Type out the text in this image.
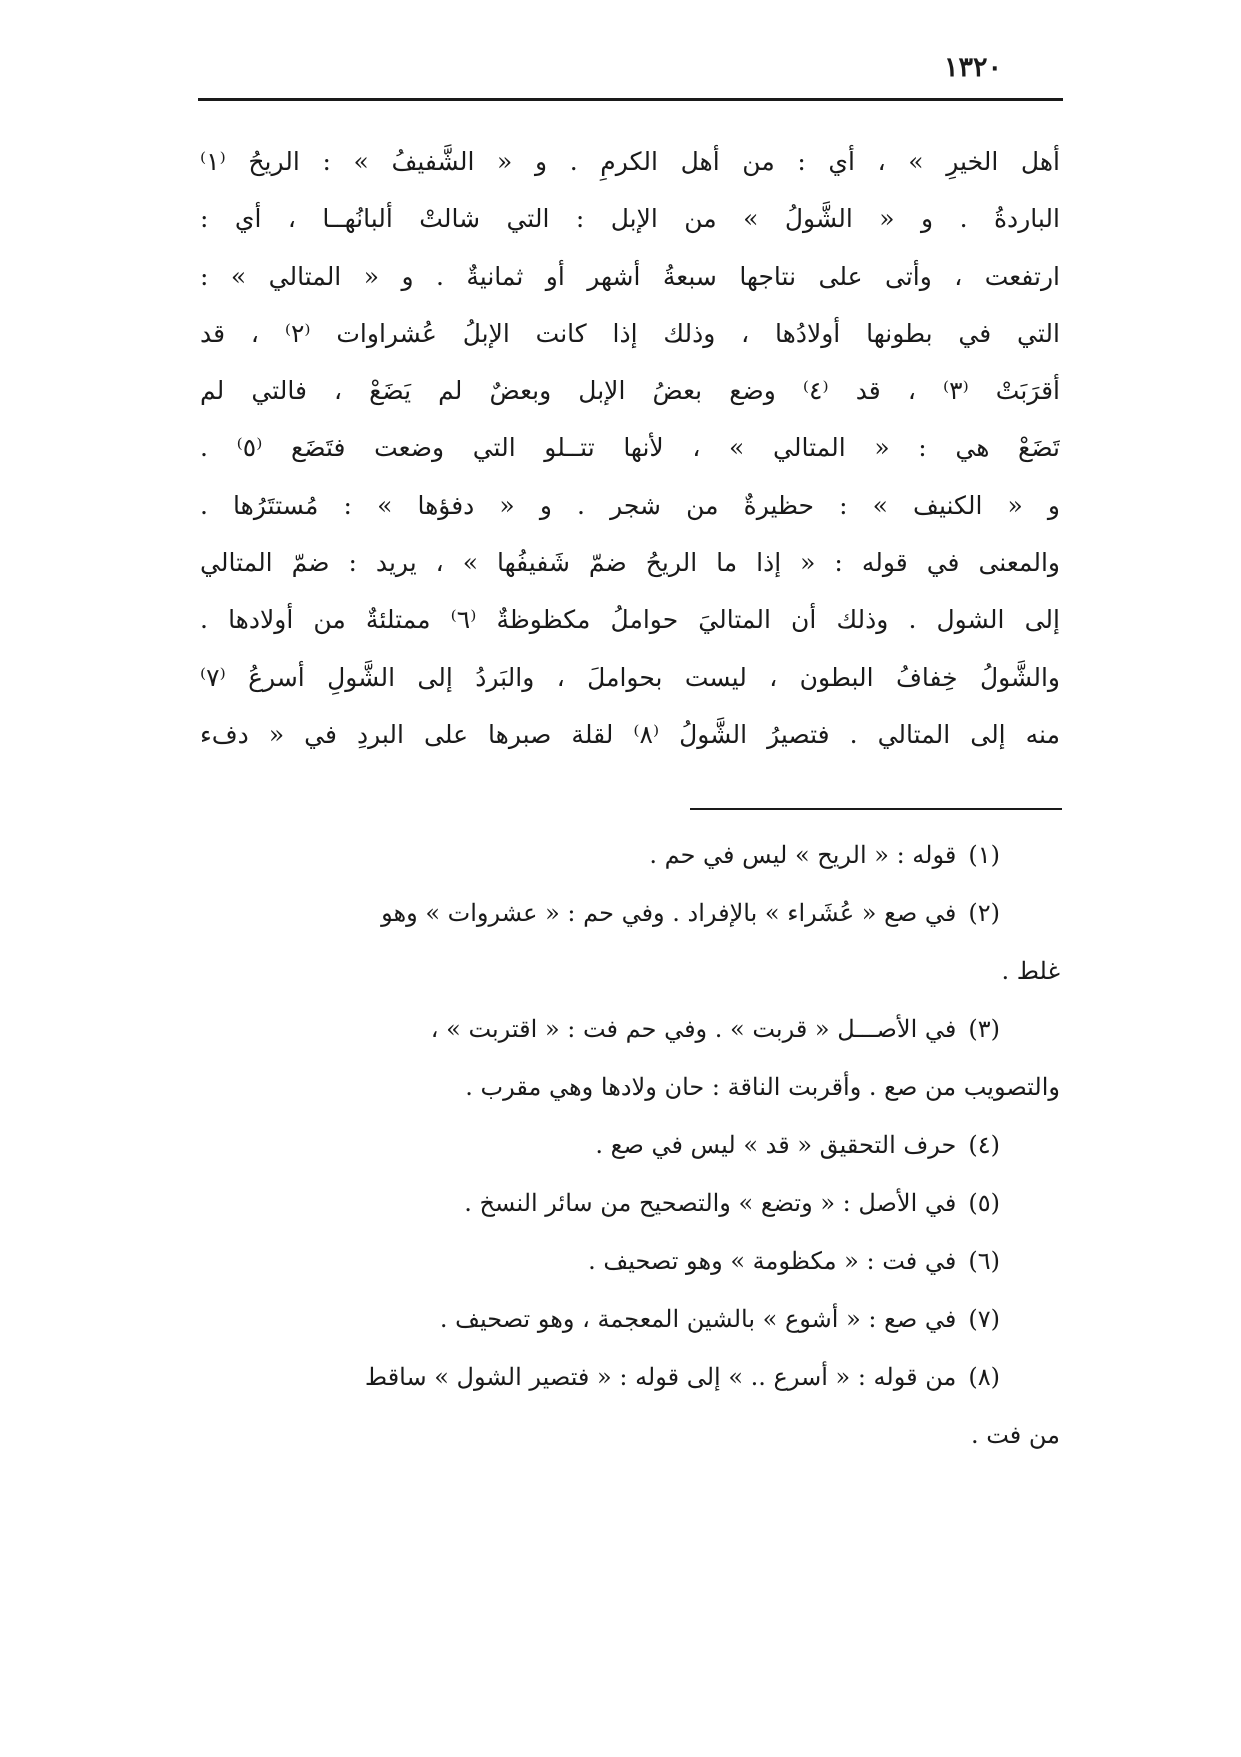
١٣٢٠
أهل الخيرِ » ، أي : من أهل الكرمِ . و « الشَّفيفُ » : الريحُ ⁽١⁾
الباردةُ . و « الشَّولُ » من الإبل : التي شالتْ ألبانُهــا ، أي :
ارتفعت ، وأتى على نتاجها سبعةُ أشهر أو ثمانيةٌ . و « المتالي » :
التي في بطونها أولادُها ، وذلك إذا كانت الإبلُ عُشراوات ⁽٢⁾ ، قد
أقرَبَتْ ⁽٣⁾ ، قد ⁽٤⁾ وضع بعضُ الإبل وبعضٌ لم يَضَعْ ، فالتي لم
تَضَعْ هي : « المتالي » ، لأنها تتــلو التي وضعت فتَضَع ⁽٥⁾ .
و « الكنيف » : حظيرةٌ من شجر . و « دفؤها » : مُستتَرُها .
والمعنى في قوله : « إذا ما الريحُ ضمّ شَفيفُها » ، يريد : ضمّ المتالي
إلى الشول . وذلك أن المتاليَ حواملُ مكظوظةٌ ⁽٦⁾ ممتلئةٌ من أولادها .
والشَّولُ خِفافُ البطون ، ليست بحواملَ ، والبَردُ إلى الشَّولِ أسرعُ ⁽٧⁾
منه إلى المتالي . فتصيرُ الشَّولُ ⁽٨⁾ لقلة صبرها على البردِ في « دفء
(١)قوله : « الريح » ليس في حم .
(٢)في صع « عُشَراء » بالإفراد . وفي حم : « عشروات » وهو
غلط .
(٣)في الأصـــل « قربت » . وفي حم فت : « اقتربت » ،
والتصويب من صع . وأقربت الناقة : حان ولادها وهي مقرب .
(٤)حرف التحقيق « قد » ليس في صع .
(٥)في الأصل : « وتضع » والتصحيح من سائر النسخ .
(٦)في فت : « مكظومة » وهو تصحيف .
(٧)في صع : « أشوع » بالشين المعجمة ، وهو تصحيف .
(٨)من قوله : « أسرع .. » إلى قوله : « فتصير الشول » ساقط
من فت .
